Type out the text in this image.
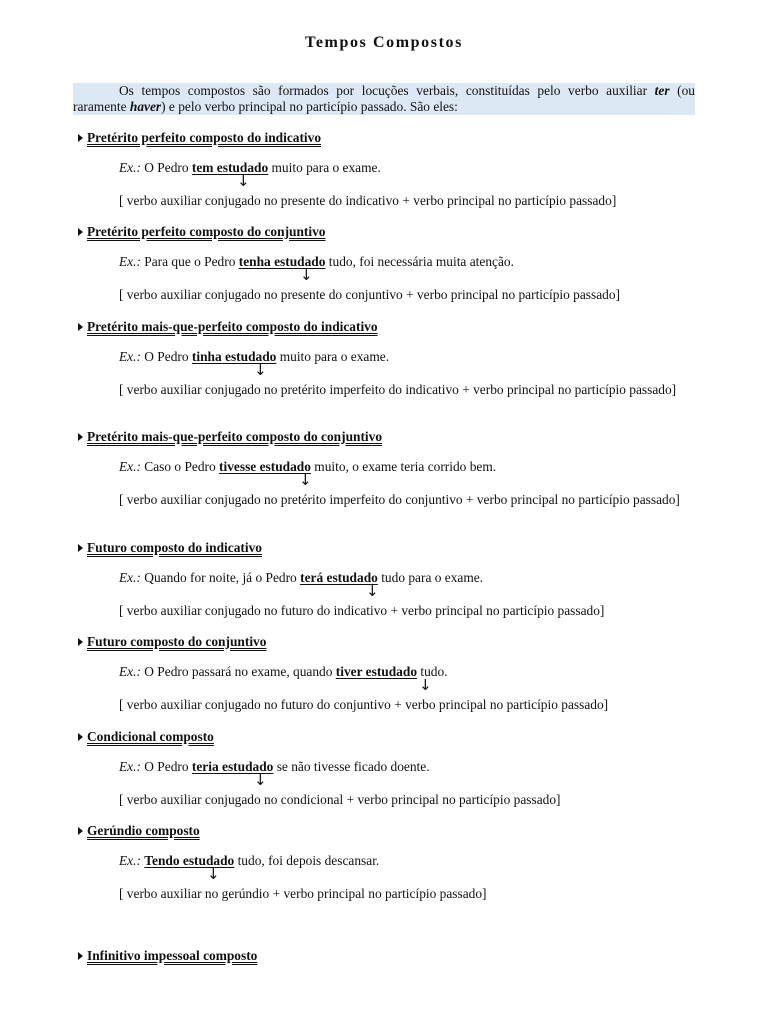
Tempos Compostos
Os tempos compostos são formados por locuções verbais, constituídas pelo verbo auxiliar ter (ou raramente haver) e pelo verbo principal no particípio passado. São eles:
Pretérito perfeito composto do indicativo
Ex.: O Pedro tem estudado muito para o exame.
↓
[ verbo auxiliar conjugado no presente do indicativo + verbo principal no particípio passado]
Pretérito perfeito composto do conjuntivo
Ex.: Para que o Pedro tenha estudado tudo, foi necessária muita atenção.
↓
[ verbo auxiliar conjugado no presente do conjuntivo + verbo principal no particípio passado]
Pretérito mais-que-perfeito composto do indicativo
Ex.: O Pedro tinha estudado muito para o exame.
↓
[ verbo auxiliar conjugado no pretérito imperfeito do indicativo + verbo principal no particípio passado]
Pretérito mais-que-perfeito composto do conjuntivo
Ex.: Caso o Pedro tivesse estudado muito, o exame teria corrido bem.
↓
[ verbo auxiliar conjugado no pretérito imperfeito do conjuntivo + verbo principal no particípio passado]
Futuro composto do indicativo
Ex.: Quando for noite, já o Pedro terá estudado tudo para o exame.
↓
[ verbo auxiliar conjugado no futuro do indicativo + verbo principal no particípio passado]
Futuro composto do conjuntivo
Ex.: O Pedro passará no exame, quando tiver estudado tudo.
↓
[ verbo auxiliar conjugado no futuro do conjuntivo + verbo principal no particípio passado]
Condicional composto
Ex.: O Pedro teria estudado se não tivesse ficado doente.
↓
[ verbo auxiliar conjugado no condicional + verbo principal no particípio passado]
Gerúndio composto
Ex.: Tendo estudado tudo, foi depois descansar.
↓
[ verbo auxiliar no gerúndio + verbo principal no particípio passado]
Infinitivo impessoal composto
